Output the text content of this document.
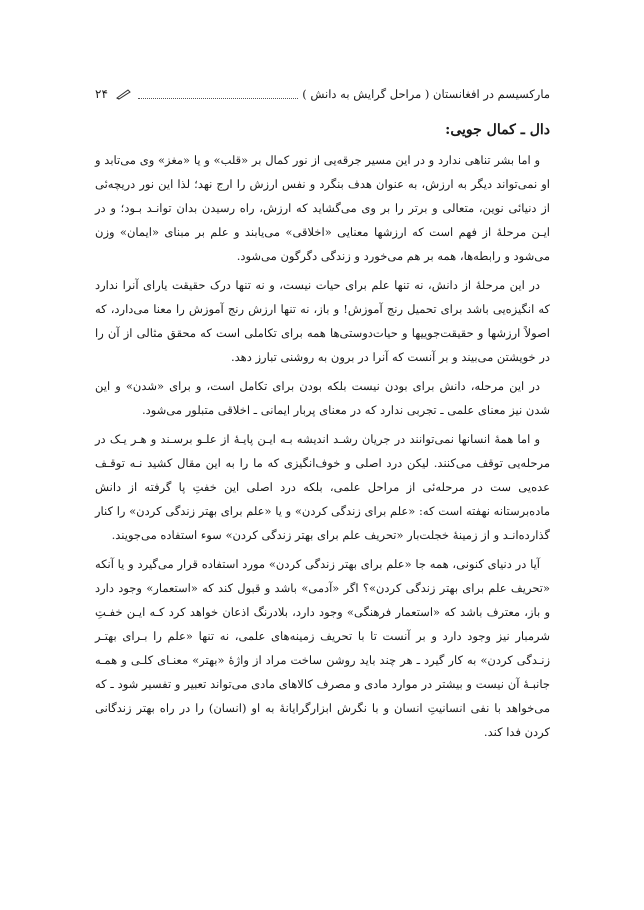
مارکسیسم در افغانستان ( مراحل گرایش به دانش )
۲۴
دال ـ کمال جویی:

و اما بشر تناهی ندارد و در این مسیر جرقه‌یی از نور کمال بر «قلب» و یا «مغز» وی می‌تابد و او نمی‌تواند دیگر به ارزش، به عنوان هدف بنگرد و نفس ارزش را ارج نهد؛ لذا این نور دریچه‌ئی از دنیائی نوین، متعالی و برتر را بر وی می‌گشاید که ارزش، راه رسیدن بدان توانـد بـود؛ و در ایـن مرحلهٔ از فهم است که ارزشها معنایی «اخلاقی» می‌یابند و علم بر مبنای «ایمان» وزن می‌شود و رابطه‌ها، همه بر هم می‌خورد و زندگی دگرگون می‌شود.

در این مرحلهٔ از دانش، نه تنها علم برای حیات نیست، و نه تنها درک حقیقت یارای آنرا ندارد که انگیزه‌یی باشد برای تحمیل رنج آموزش! و باز، نه تنها ارزش رنج آموزش را معنا می‌دارد، که اصولاً ارزشها و حقیقت‌جوییها و حیات‌دوستی‌ها همه برای تکاملی است که محقق مثالی از آن را در خویشتن می‌بیند و بر آنست که آنرا در برون به روشنی تبارز دهد.

در این مرحله، دانش برای بودن نیست بلکه بودن برای تکامل است، و برای «شدن» و این شدن نیز معنای علمی ـ تجربی ندارد که در معنای پربار ایمانی ـ اخلاقی متبلور می‌شود.

و اما همهٔ انسانها نمی‌توانند در جریان رشـد اندیشه بـه ایـن پایـهٔ از علـو برسـند و هـر یـک در مرحله‌یی توقف می‌کنند. لیکن درد اصلی و خوف‌انگیزی که ما را به این مقال کشید نـه توقـف عده‌یی ست در مرحله‌ئی از مراحل علمی، بلکه درد اصلی این خفتِ پا گرفته از دانش ماده‌برستانه نهفته است که: «علم برای زندگی کردن» و یا «علم برای بهتر زندگی کردن» را کنار گذارده‌انـد و از زمینهٔ خجلت‌بار «تحریف علم برای بهتر زندگی کردن» سوء استفاده می‌جویند.

آیا در دنیای کنونی، همه جا «علم برای بهتر زندگی کردن» مورد استفاده قرار می‌گیرد و یا آنکه «تحریف علم برای بهتر زندگی کردن»؟ اگر «آدمی» باشد و قبول کند که «استعمار» وجود دارد و باز، معترف باشد که «استعمار فرهنگی» وجود دارد، بلادرنگ اذعان خواهد کرد کـه ایـن خفـتِ شرمبار نیز وجود دارد و بر آنست تا با تحریف زمینه‌های علمی، نه تنها «علم را بـرای بهتـر زنـدگی کردن» به کار گیرد ـ هر چند باید روشن ساخت مراد از واژهٔ «بهتر» معنـای کلـی و همـه جانبـهٔ آن نیست و بیشتر در موارد مادی و مصرف کالاهای مادی می‌تواند تعبیر و تفسیر شود ـ که می‌خواهد با نفی انسانیتِ انسان و با نگرش ابزارگرایانهٔ به او (انسان) را در راه بهتر زندگانی کردن فدا کند.
